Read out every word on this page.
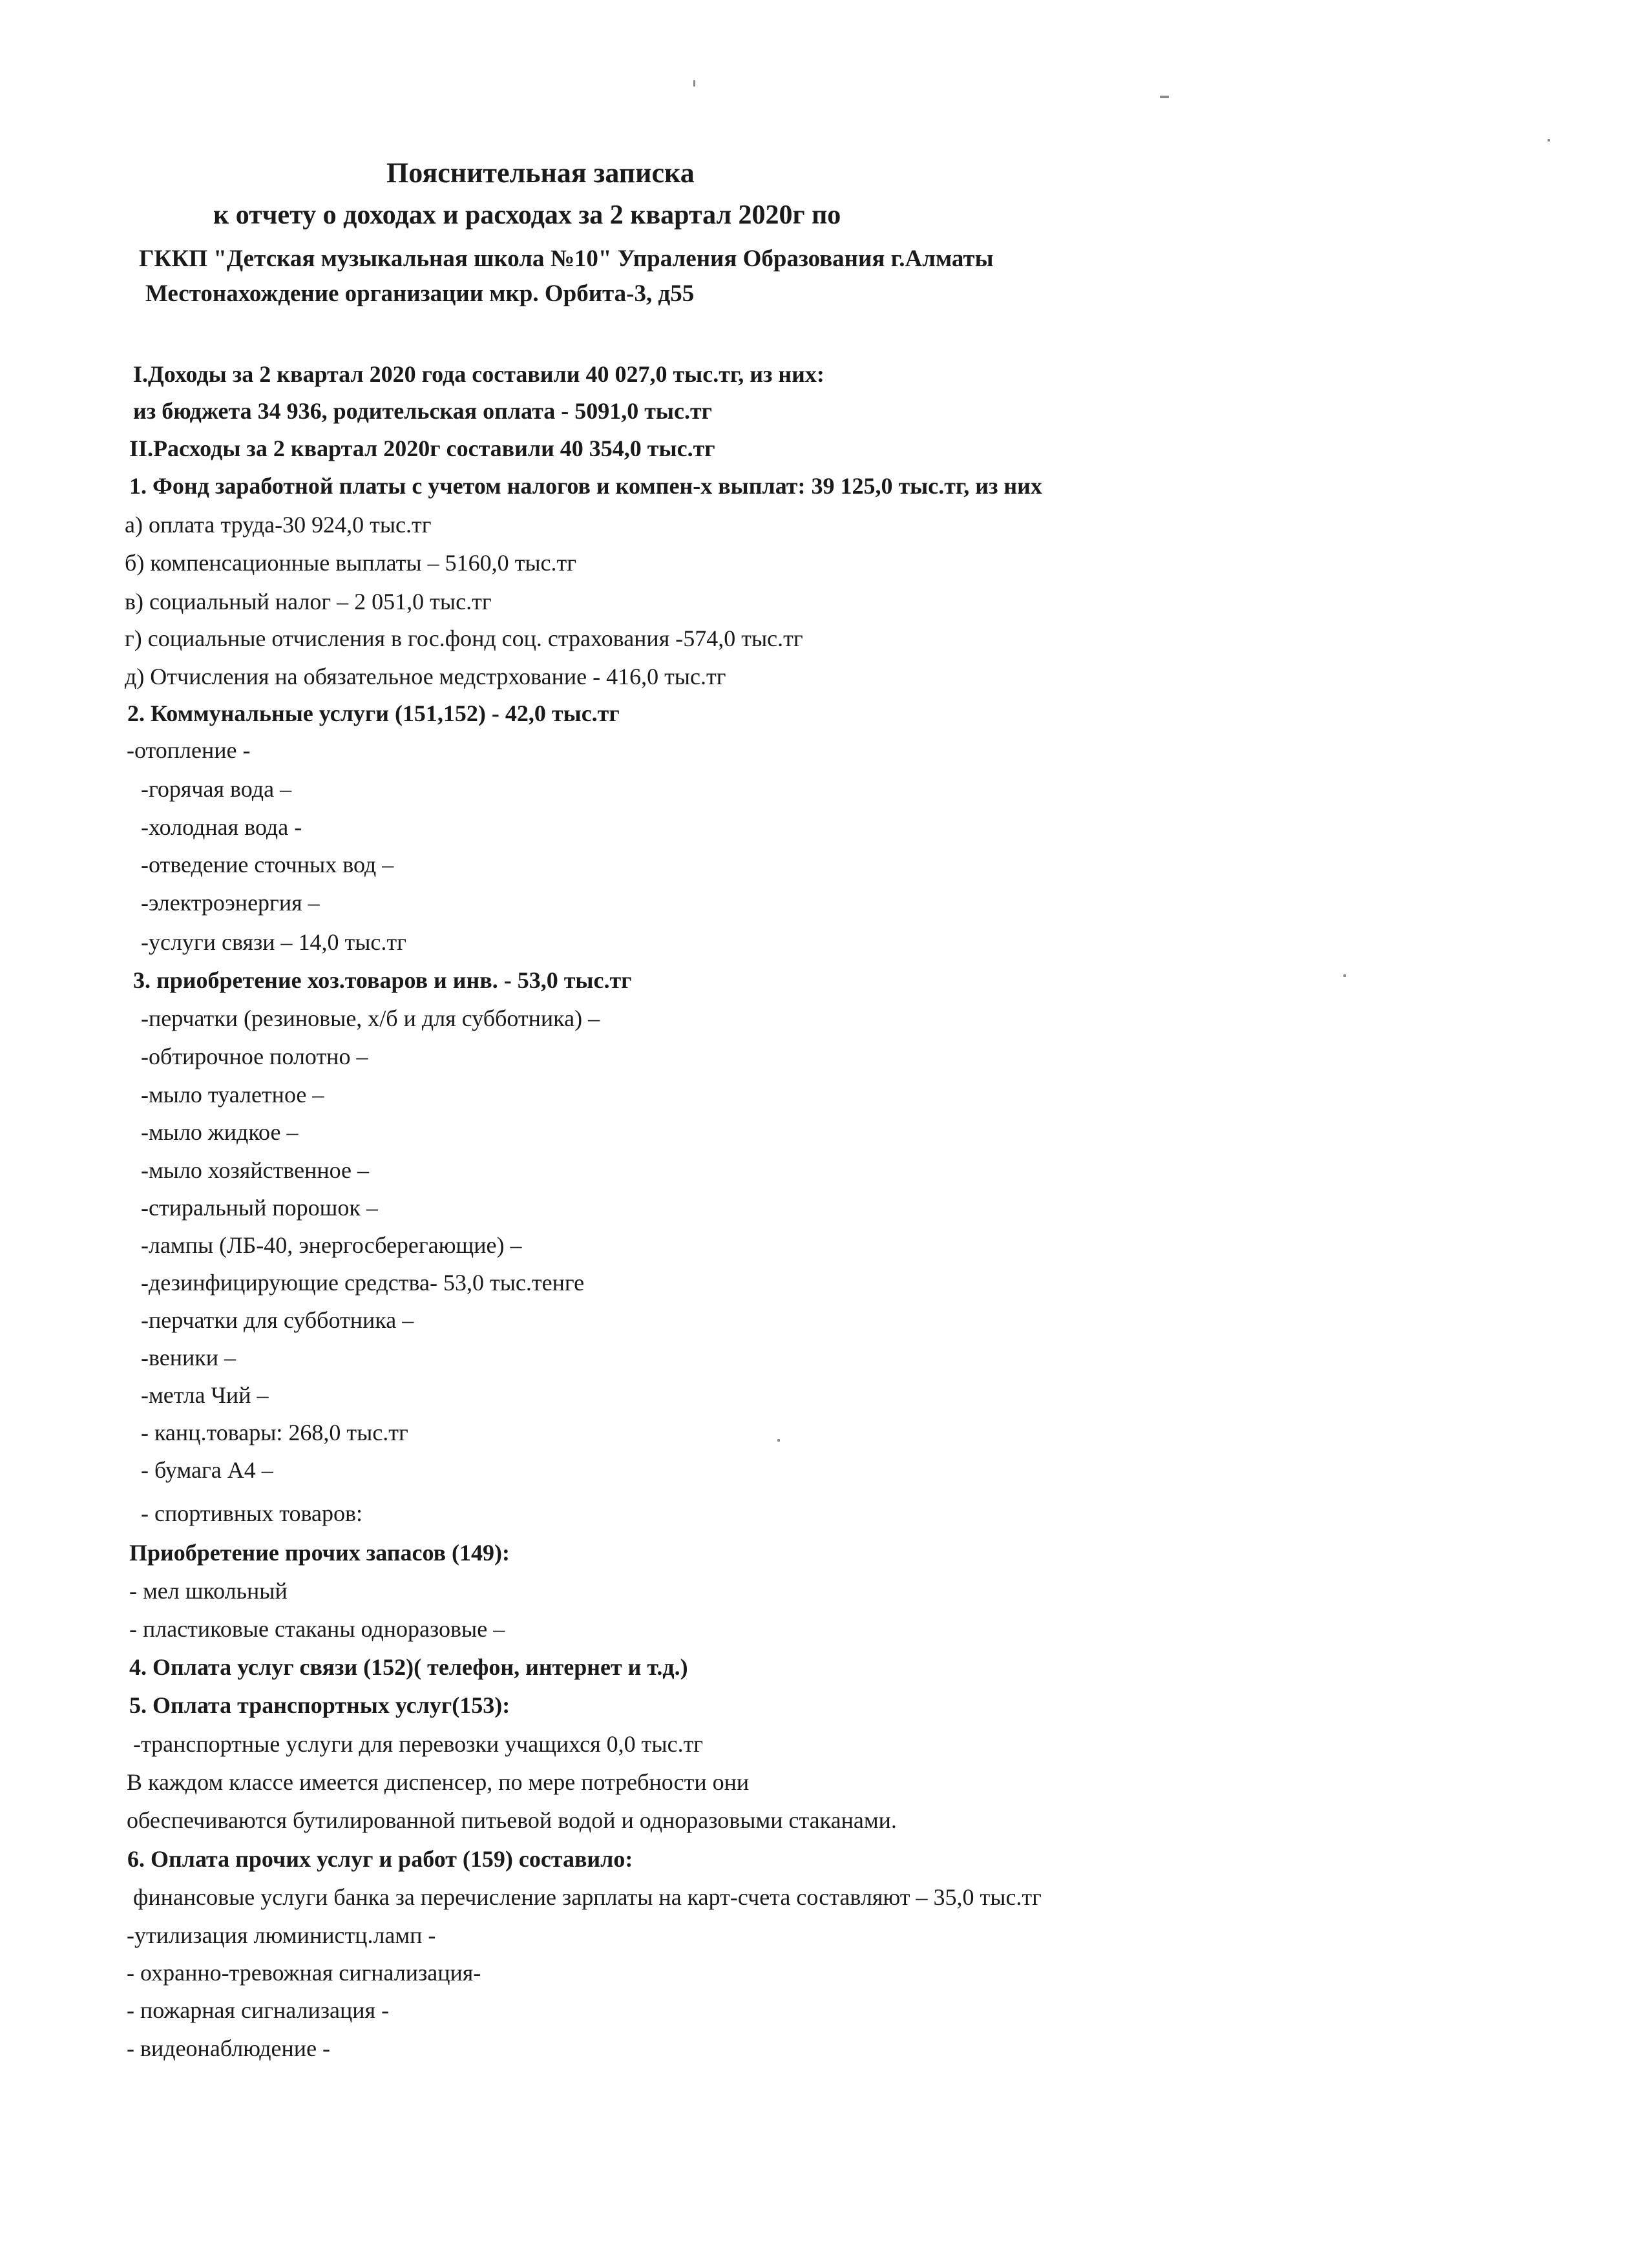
Пояснительная записка
к отчету о доходах и расходах за 2 квартал 2020г по
ГККП "Детская музыкальная школа №10" Упраления Образования г.Алматы
Местонахождение организации мкр. Орбита-3, д55
I.Доходы за 2 квартал 2020 года составили 40 027,0 тыс.тг, из них:
из бюджета 34 936, родительская оплата - 5091,0 тыс.тг
II.Расходы за 2 квартал 2020г составили 40 354,0 тыс.тг
1. Фонд заработной платы с учетом налогов и компен-х выплат: 39 125,0 тыс.тг, из них
а) оплата труда-30 924,0 тыс.тг
б) компенсационные выплаты – 5160,0 тыс.тг
в) социальный налог – 2 051,0 тыс.тг
г) социальные отчисления в гос.фонд соц. страхования -574,0 тыс.тг
д) Отчисления на обязательное медстрхование - 416,0 тыс.тг
2. Коммунальные услуги (151,152) - 42,0 тыс.тг
-отопление -
-горячая вода –
-холодная вода -
-отведение сточных вод –
-электроэнергия –
-услуги связи – 14,0 тыс.тг
3. приобретение хоз.товаров и инв. - 53,0 тыс.тг
-перчатки (резиновые, х/б и для субботника) –
-обтирочное полотно –
-мыло туалетное –
-мыло жидкое –
-мыло хозяйственное –
-стиральный порошок –
-лампы (ЛБ-40, энергосберегающие) –
-дезинфицирующие средства- 53,0 тыс.тенге
-перчатки для субботника –
-веники –
-метла Чий –
- канц.товары: 268,0 тыс.тг
- бумага А4 –
- спортивных товаров:
Приобретение прочих запасов (149):
- мел школьный
- пластиковые стаканы одноразовые –
4. Оплата услуг связи (152)( телефон, интернет и т.д.)
5. Оплата транспортных услуг(153):
-транспортные услуги для перевозки учащихся 0,0 тыс.тг
В каждом классе имеется диспенсер, по мере потребности они
обеспечиваются бутилированной питьевой водой и одноразовыми стаканами.
6. Оплата прочих услуг и работ (159) составило:
финансовые услуги банка за перечисление зарплаты на карт-счета составляют – 35,0 тыс.тг
-утилизация люминистц.ламп -
- охранно-тревожная сигнализация-
- пожарная сигнализация -
- видеонаблюдение -
